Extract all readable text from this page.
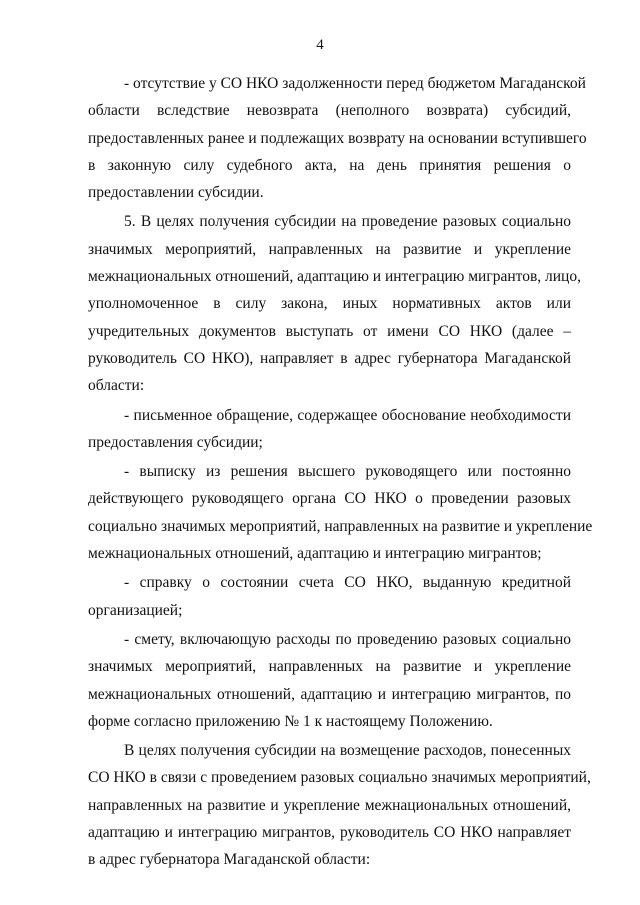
4
- отсутствие у СО НКО задолженности перед бюджетом Магаданской
области вследствие невозврата (неполного возврата) субсидий,
предоставленных ранее и подлежащих возврату на основании вступившего
в законную силу судебного акта, на день принятия решения о
предоставлении субсидии.
5. В целях получения субсидии на проведение разовых социально
значимых мероприятий, направленных на развитие и укрепление
межнациональных отношений, адаптацию и интеграцию мигрантов, лицо,
уполномоченное в силу закона, иных нормативных актов или
учредительных документов выступать от имени СО НКО (далее –
руководитель СО НКО), направляет в адрес губернатора Магаданской
области:
- письменное обращение, содержащее обоснование необходимости
предоставления субсидии;
- выписку из решения высшего руководящего или постоянно
действующего руководящего органа СО НКО о проведении разовых
социально значимых мероприятий, направленных на развитие и укрепление
межнациональных отношений, адаптацию и интеграцию мигрантов;
- справку о состоянии счета СО НКО, выданную кредитной
организацией;
- смету, включающую расходы по проведению разовых социально
значимых мероприятий, направленных на развитие и укрепление
межнациональных отношений, адаптацию и интеграцию мигрантов, по
форме согласно приложению № 1 к настоящему Положению.
В целях получения субсидии на возмещение расходов, понесенных
СО НКО в связи с проведением разовых социально значимых мероприятий,
направленных на развитие и укрепление межнациональных отношений,
адаптацию и интеграцию мигрантов, руководитель СО НКО направляет
в адрес губернатора Магаданской области:
